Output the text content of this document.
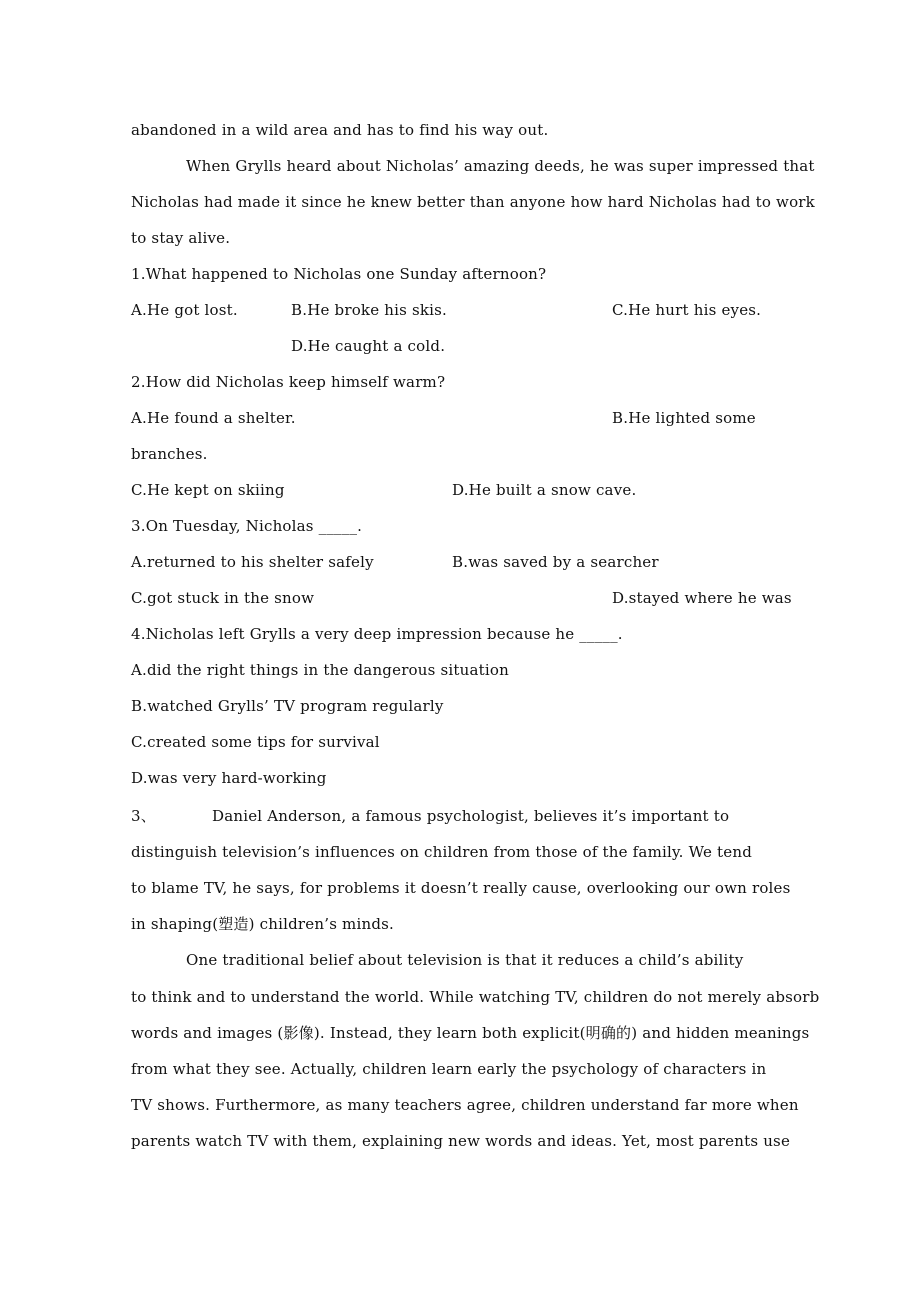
abandoned in a wild area and has to find his way out.
When Grylls heard about Nicholas’ amazing deeds, he was super impressed that
Nicholas had made it since he knew better than anyone how hard Nicholas had to work
to stay alive.
1.What happened to Nicholas one Sunday afternoon?
A.He got lost.	B.He broke his skis.	C.He hurt his eyes.
D.He caught a cold.
2.How did Nicholas keep himself warm?
A.He found a shelter.	B.He lighted some
branches.
C.He kept on skiing	D.He built a snow cave.
3.On Tuesday, Nicholas _____.
A.returned to his shelter safely	B.was saved by a searcher
C.got stuck in the snow	D.stayed where he was
4.Nicholas left Grylls a very deep impression because he _____.
A.did the right things in the dangerous situation
B.watched Grylls’ TV program regularly
C.created some tips for survival
D.was very hard-working
3、	Daniel Anderson, a famous psychologist, believes it’s important to
distinguish television’s influences on children from those of the family. We tend
to blame TV, he says, for problems it doesn’t really cause, overlooking our own roles
in shaping(塑造) children’s minds.
One traditional belief about television is that it reduces a child’s ability
to think and to understand the world. While watching TV, children do not merely absorb
words and images (影像). Instead, they learn both explicit(明确的) and hidden meanings
from what they see. Actually, children learn early the psychology of characters in
TV shows. Furthermore, as many teachers agree, children understand far more when
parents watch TV with them, explaining new words and ideas. Yet, most parents use
